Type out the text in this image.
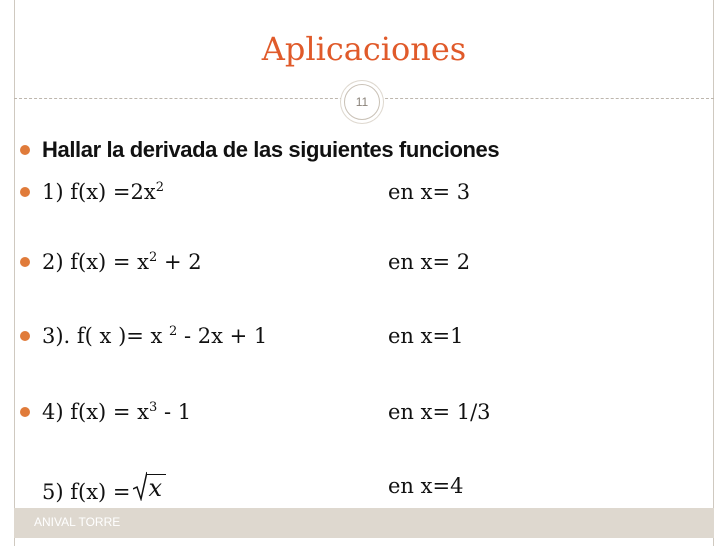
Aplicaciones
11
Hallar la derivada de las siguientes funciones
1) $f(x) =2x^2$	en x= 3
2) $f(x) = x^2 + 2$	en x= 2
3). f( x )= x $^2$ - 2x + 1	en x=1
4) $f(x) = x^3 - 1$	en x= 1/3
5) f(x) = x	en x=4
ANIVAL TORRE
